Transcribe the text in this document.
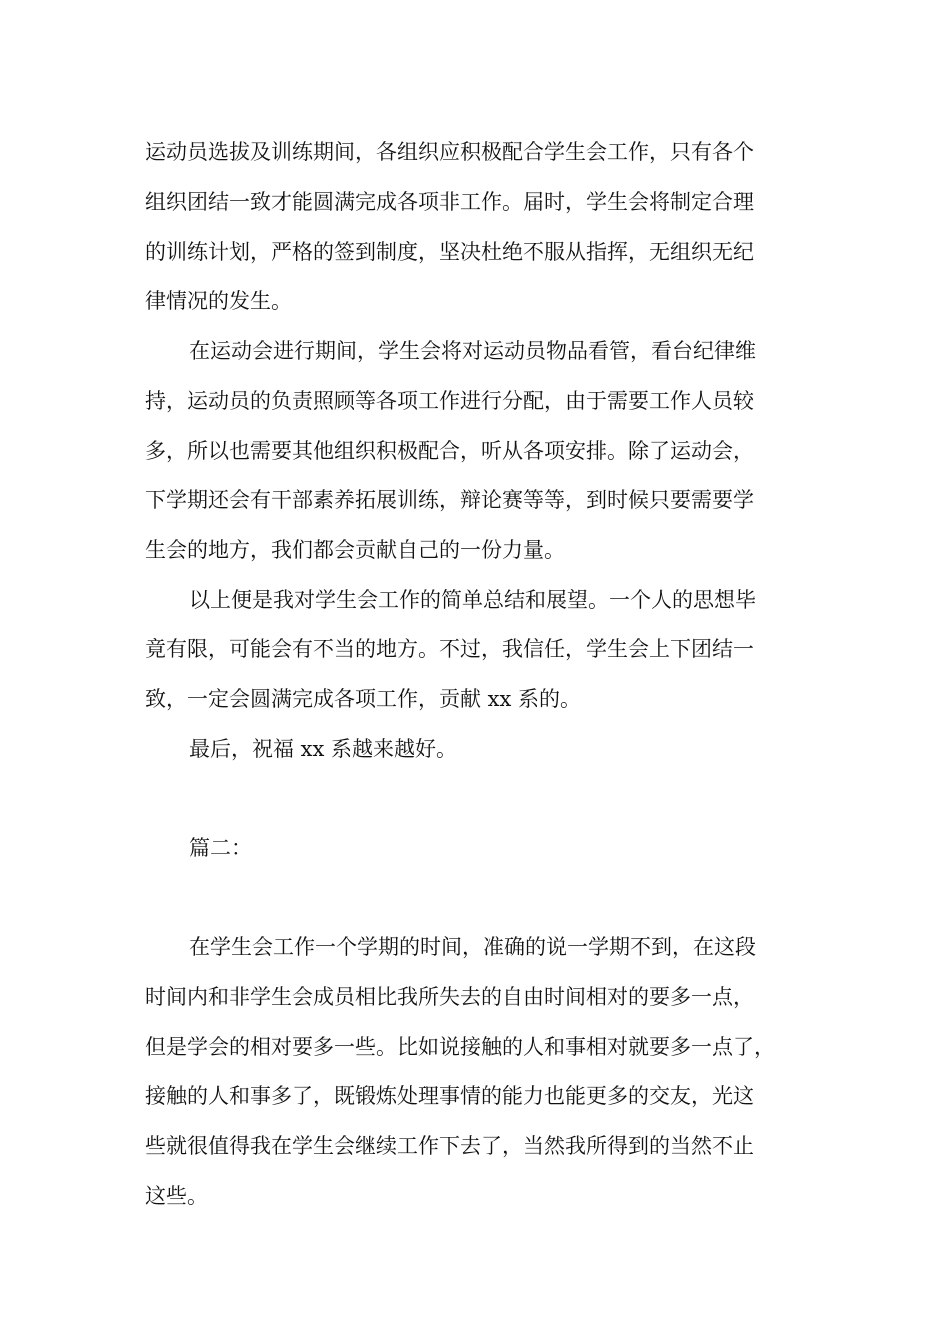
运动员选拔及训练期间，各组织应积极配合学生会工作，只有各个
组织团结一致才能圆满完成各项非工作。届时，学生会将制定合理
的训练计划，严格的签到制度，坚决杜绝不服从指挥，无组织无纪
律情况的发生。
在运动会进行期间，学生会将对运动员物品看管，看台纪律维
持，运动员的负责照顾等各项工作进行分配，由于需要工作人员较
多，所以也需要其他组织积极配合，听从各项安排。除了运动会，
下学期还会有干部素养拓展训练，辩论赛等等，到时候只要需要学
生会的地方，我们都会贡献自己的一份力量。
以上便是我对学生会工作的简单总结和展望。一个人的思想毕
竟有限，可能会有不当的地方。不过，我信任，学生会上下团结一
致，一定会圆满完成各项工作，贡献 xx 系的。
最后，祝福 xx 系越来越好。
篇二：
在学生会工作一个学期的时间，准确的说一学期不到，在这段
时间内和非学生会成员相比我所失去的自由时间相对的要多一点，
但是学会的相对要多一些。比如说接触的人和事相对就要多一点了，
接触的人和事多了，既锻炼处理事情的能力也能更多的交友，光这
些就很值得我在学生会继续工作下去了，当然我所得到的当然不止
这些。
